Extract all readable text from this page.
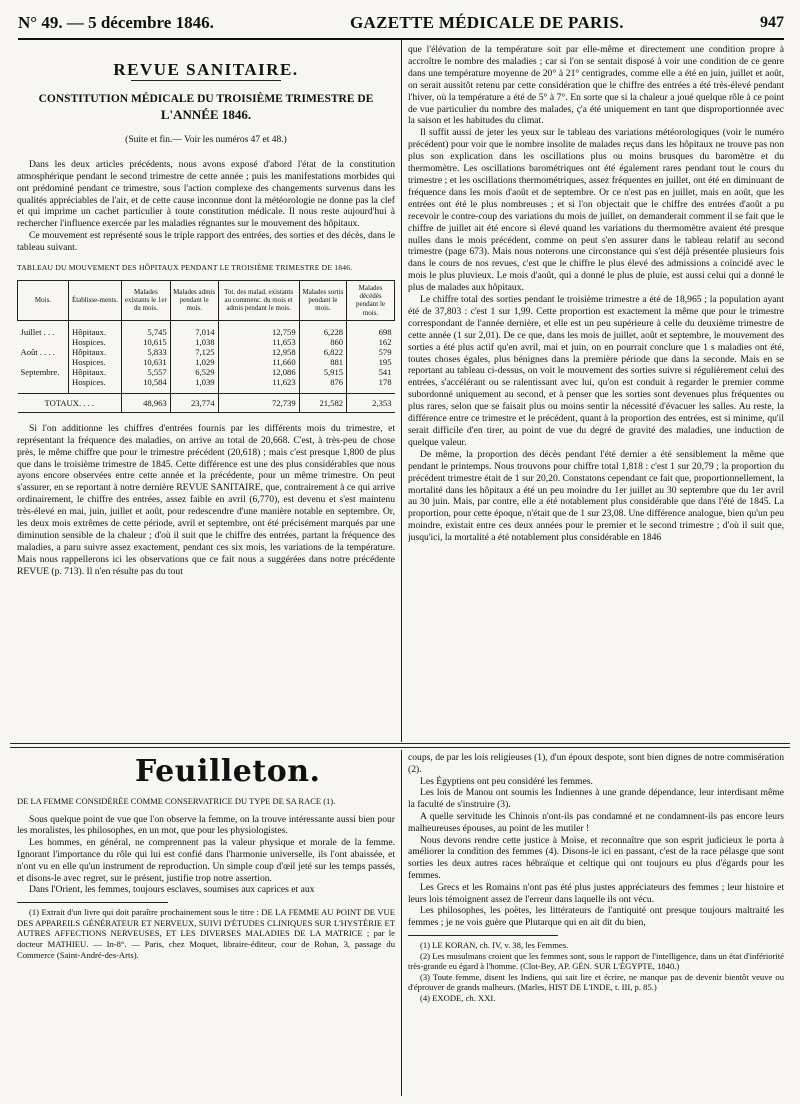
N° 49. — 5 décembre 1846.	GAZETTE MÉDICALE DE PARIS.	947
REVUE SANITAIRE.
CONSTITUTION MÉDICALE DU TROISIÈME TRIMESTRE DE
L'ANNÉE 1846.
(Suite et fin.— Voir les numéros 47 et 48.)

Dans les deux articles précédents, nous avons exposé d'abord l'état de la constitution atmosphérique pendant le second trimestre de cette année ; puis les manifestations morbides qui ont prédominé pendant ce trimestre, sous l'action complexe des changements survenus dans les qualités appréciables de l'air, et de cette cause inconnue dont la météorologie ne donne pas la clef et qui imprime un cachet particulier à toute constitution médicale. Il nous reste aujourd'hui à rechercher l'influence exercée par les maladies régnantes sur le mouvement des hôpitaux.

Ce mouvement est représenté sous le triple rapport des entrées, des sorties et des décès, dans le tableau suivant.

TABLEAU DU MOUVEMENT DES HÔPITAUX PENDANT LE TROISIÈME TRIMESTRE DE 1846.
Mois.	Établisse-ments.	Malades existants le 1er du mois.	Malades admis pendant le mois.	Tot. des malad. existants au commenc. du mois et admis pendant le mois.	Malades sortis pendant le mois.	Malades décédés pendant le mois.

Juillet . . .	Hôpitaux.	5,745	7,014	12,759	6,228	698
	Hospices.	10,615	1,038	11,653	860	162
Août . . . .	Hôpitaux.	5,833	7,125	12,958	6,822	579
	Hospices.	10,631	1,029	11,660	881	195
Septembre.	Hôpitaux.	5,557	6,529	12,086	5,915	541
	Hospices.	10,584	1,039	11,623	876	178

TOTAUX. . . .		48,963	23,774	72,739	21,582	2,353

Si l'on additionne les chiffres d'entrées fournis par les différents mois du trimestre, et représentant la fréquence des maladies, on arrive au total de 20,668. C'est, à très-peu de chose près, le même chiffre que pour le trimestre précédent (20,618) ; mais c'est presque 1,800 de plus que dans le troisième trimestre de 1845. Cette différence est une des plus considérables que nous ayons encore observées entre cette année et la précédente, pour un même trimestre. On peut s'assurer, en se reportant à notre dernière REVUE SANITAIRE, que, contrairement à ce qui arrive ordinairement, le chiffre des entrées, assez faible en avril (6,770), est devenu et s'est maintenu très-élevé en mai, juin, juillet et août, pour redescendre d'une manière notable en septembre. Or, les deux mois extrêmes de cette période, avril et septembre, ont été précisément marqués par une diminution sensible de la chaleur ; d'où il suit que le chiffre des entrées, partant la fréquence des maladies, a paru suivre assez exactement, pendant ces six mois, les variations de la température. Mais nous rappellerons ici les observations que ce fait nous a suggérées dans notre précédente REVUE (p. 713). Il n'en résulte pas du tout

que l'élévation de la température soit par elle-même et directement une condition propre à accroître le nombre des maladies ; car si l'on se sentait disposé à voir une condition de ce genre dans une température moyenne de 20° à 21° centigrades, comme elle a été en juin, juillet et août, on serait aussitôt retenu par cette considération que le chiffre des entrées a été très-élevé pendant l'hiver, où la température a été de 5° à 7°. En sorte que si la chaleur a joué quelque rôle à ce point de vue particulier du nombre des malades, ç'a été uniquement en tant que disproportionnée avec la saison et les habitudes du climat.

Il suffit aussi de jeter les yeux sur le tableau des variations météorologiques (voir le numéro précédent) pour voir que le nombre insolite de malades reçus dans les hôpitaux ne trouve pas non plus son explication dans les oscillations plus ou moins brusques du baromètre et du thermomètre. Les oscillations barométriques ont été également rares pendant tout le cours du trimestre ; et les oscillations thermométriques, assez fréquentes en juillet, ont été en diminuant de fréquence dans les mois d'août et de septembre. Or ce n'est pas en juillet, mais en août, que les entrées ont été le plus nombreuses ; et si l'on objectait que le chiffre des entrées d'août a pu recevoir le contre-coup des variations du mois de juillet, on demanderait comment il se fait que le chiffre de juillet ait été encore si élevé quand les variations du thermomètre avaient été presque nulles dans le mois précédent, comme on peut s'en assurer dans le tableau relatif au second trimestre (page 673). Mais nous noterons une circonstance qui s'est déjà présentée plusieurs fois dans le cours de nos revues, c'est que le chiffre le plus élevé des admissions a coïncidé avec le mois le plus pluvieux. Le mois d'août, qui a donné le plus de pluie, est aussi celui qui a donné le plus de malades aux hôpitaux.

Le chiffre total des sorties pendant le troisième trimestre a été de 18,965 ; la population ayant été de 37,803 : c'est 1 sur 1,99. Cette proportion est exactement la même que pour le trimestre correspondant de l'année dernière, et elle est un peu supérieure à celle du deuxième trimestre de cette année (1 sur 2,01). De ce que, dans les mois de juillet, août et septembre, le mouvement des sorties a été plus actif qu'en avril, mai et juin, on en pourrait conclure que 1 s maladies ont été, toutes choses égales, plus bénignes dans la première période que dans la seconde. Mais en se reportant au tableau ci-dessus, on voit le mouvement des sorties suivre si régulièrement celui des entrées, s'accélérant ou se ralentissant avec lui, qu'on est conduit à regarder le premier comme subordonné uniquement au second, et à penser que les sorties sont devenues plus fréquentes ou plus rares, selon que se faisait plus ou moins sentir la nécessité d'évacuer les salles. Au reste, la différence entre ce trimestre et le précédent, quant à la proportion des entrées, est si minime, qu'il serait difficile d'en tirer, au point de vue du degré de gravité des maladies, une induction de quelque valeur.

De même, la proportion des décès pendant l'été dernier a été sensiblement la même que pendant le printemps. Nous trouvons pour chiffre total 1,818 : c'est 1 sur 20,79 ; la proportion du précédent trimestre était de 1 sur 20,20. Constatons cependant ce fait que, proportionnellement, la mortalité dans les hôpitaux a été un peu moindre du 1er juillet au 30 septembre que du 1er avril au 30 juin. Mais, par contre, elle a été notablement plus considérable que dans l'été de 1845. La proportion, pour cette époque, n'était que de 1 sur 23,08. Une différence analogue, bien qu'un peu moindre, existait entre ces deux années pour le premier et le second trimestre ; d'où il suit que, jusqu'ici, la mortalité a été notablement plus considérable en 1846

Feuilleton.
DE LA FEMME CONSIDÉRÉE COMME CONSERVATRICE DU TYPE DE SA RACE (1).

Sous quelque point de vue que l'on observe la femme, on la trouve intéressante aussi bien pour les moralistes, les philosophes, en un mot, que pour les physiologistes.

Les hommes, en général, ne comprennent pas la valeur physique et morale de la femme. Ignorant l'importance du rôle qui lui est confié dans l'harmonie universelle, ils l'ont abaissée, et n'ont vu en elle qu'un instrument de reproduction. Un simple coup d'œil jeté sur les temps passés, et disons-le avec regret, sur le présent, justifie trop notre assertion.

Dans l'Orient, les femmes, toujours esclaves, soumises aux caprices et aux

(1) Extrait d'un livre qui doit paraître prochainement sous le titre : DE LA FEMME AU POINT DE VUE DES APPAREILS GÉNÉRATEUR ET NERVEUX, SUIVI D'ÉTUDES CLINIQUES SUR L'HYSTÉRIE ET AUTRES AFFECTIONS NERVEUSES, ET LES DIVERSES MALADIES DE LA MATRICE ; par le docteur MATHIEU. — In-8°. — Paris, chez Moquet, libraire-éditeur, cour de Rohan, 3, passage du Commerce (Saint-André-des-Arts).

coups, de par les lois religieuses (1), d'un époux despote, sont bien dignes de notre commisération (2).

Les Égyptiens ont peu considéré les femmes.

Les lois de Manou ont soumis les Indiennes à une grande dépendance, leur interdisant même la faculté de s'instruire (3).

A quelle servitude les Chinois n'ont-ils pas condamné et ne condamnent-ils pas encore leurs malheureuses épouses, au point de les mutiler !

Nous devons rendre cette justice à Moïse, et reconnaître que son esprit judicieux le porta à améliorer la condition des femmes (4). Disons-le ici en passant, c'est de la race pélasge que sont sorties les deux autres races hébraïque et celtique qui ont toujours eu plus d'égards pour les femmes.

Les Grecs et les Romains n'ont pas été plus justes appréciateurs des femmes ; leur histoire et leurs lois témoignent assez de l'erreur dans laquelle ils ont vécu.

Les philosophes, les poëtes, les littérateurs de l'antiquité ont presque toujours maltraité les femmes ; je ne vois guère que Plutarque qui en ait dit du bien,

(1) LE KORAN, ch. IV, v. 38, les Femmes.

(2) Les musulmans croient que les femmes sont, sous le rapport de l'intelligence, dans un état d'infériorité très-grande eu égard à l'homme. (Clot-Bey, AP. GÉN. SUR L'ÉGYPTE, 1840.)

(3) Toute femme, disent les Indiens, qui sait lire et écrire, ne manque pas de devenir bientôt veuve ou d'éprouver de grands malheurs. (Marles, HIST DE L'INDE, t. III, p. 85.)

(4) EXODE, ch. XXI.
